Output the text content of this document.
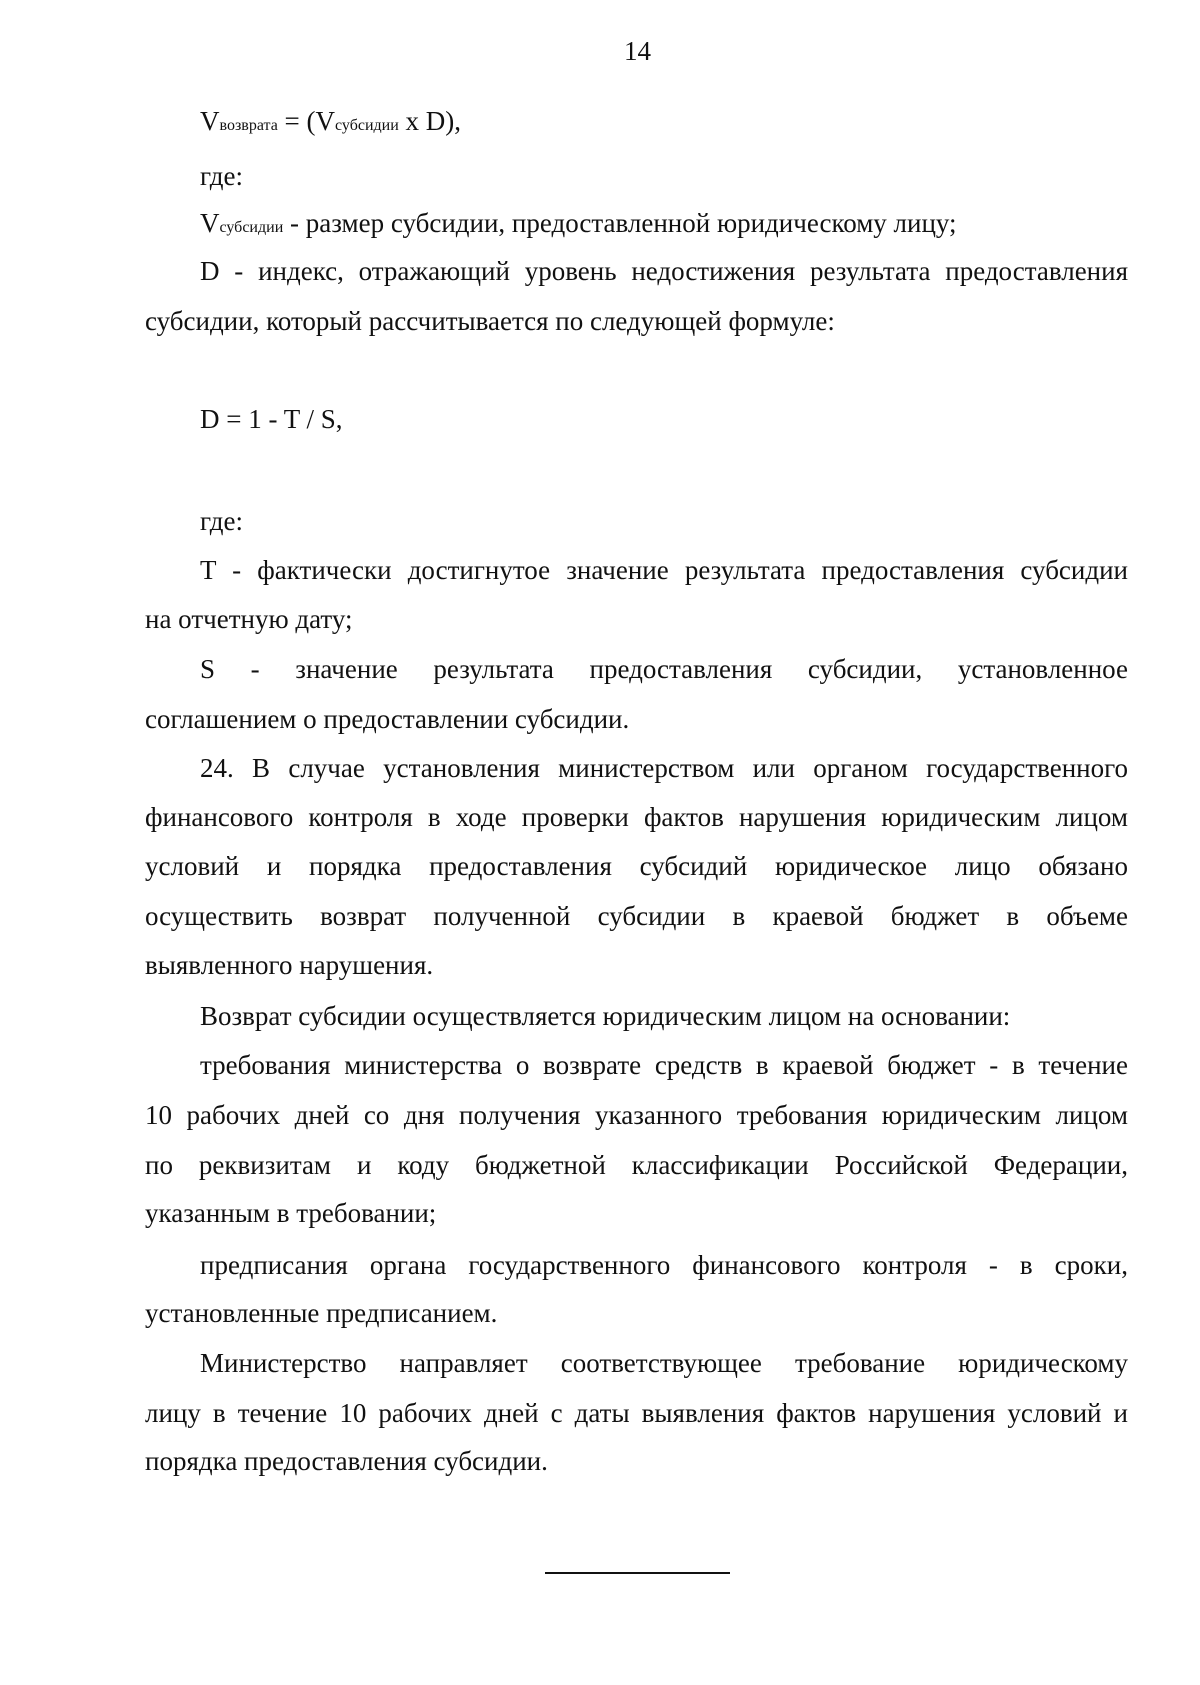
14
Vвозврата = (Vсубсидии x D),
где:
Vсубсидии - размер субсидии, предоставленной юридическому лицу;
D - индекс, отражающий уровень недостижения результата предоставления
субсидии, который рассчитывается по следующей формуле:
D = 1 - T / S,
где:
T - фактически достигнутое значение результата предоставления субсидии
на отчетную дату;
S - значение результата предоставления субсидии, установленное
соглашением о предоставлении субсидии.
24. В случае установления министерством или органом государственного
финансового контроля в ходе проверки фактов нарушения юридическим лицом
условий и порядка предоставления субсидий юридическое лицо обязано
осуществить возврат полученной субсидии в краевой бюджет в объеме
выявленного нарушения.
Возврат субсидии осуществляется юридическим лицом на основании:
требования министерства о возврате средств в краевой бюджет - в течение
10 рабочих дней со дня получения указанного требования юридическим лицом
по реквизитам и коду бюджетной классификации Российской Федерации,
указанным в требовании;
предписания органа государственного финансового контроля - в сроки,
установленные предписанием.
Министерство направляет соответствующее требование юридическому
лицу в течение 10 рабочих дней с даты выявления фактов нарушения условий и
порядка предоставления субсидии.
